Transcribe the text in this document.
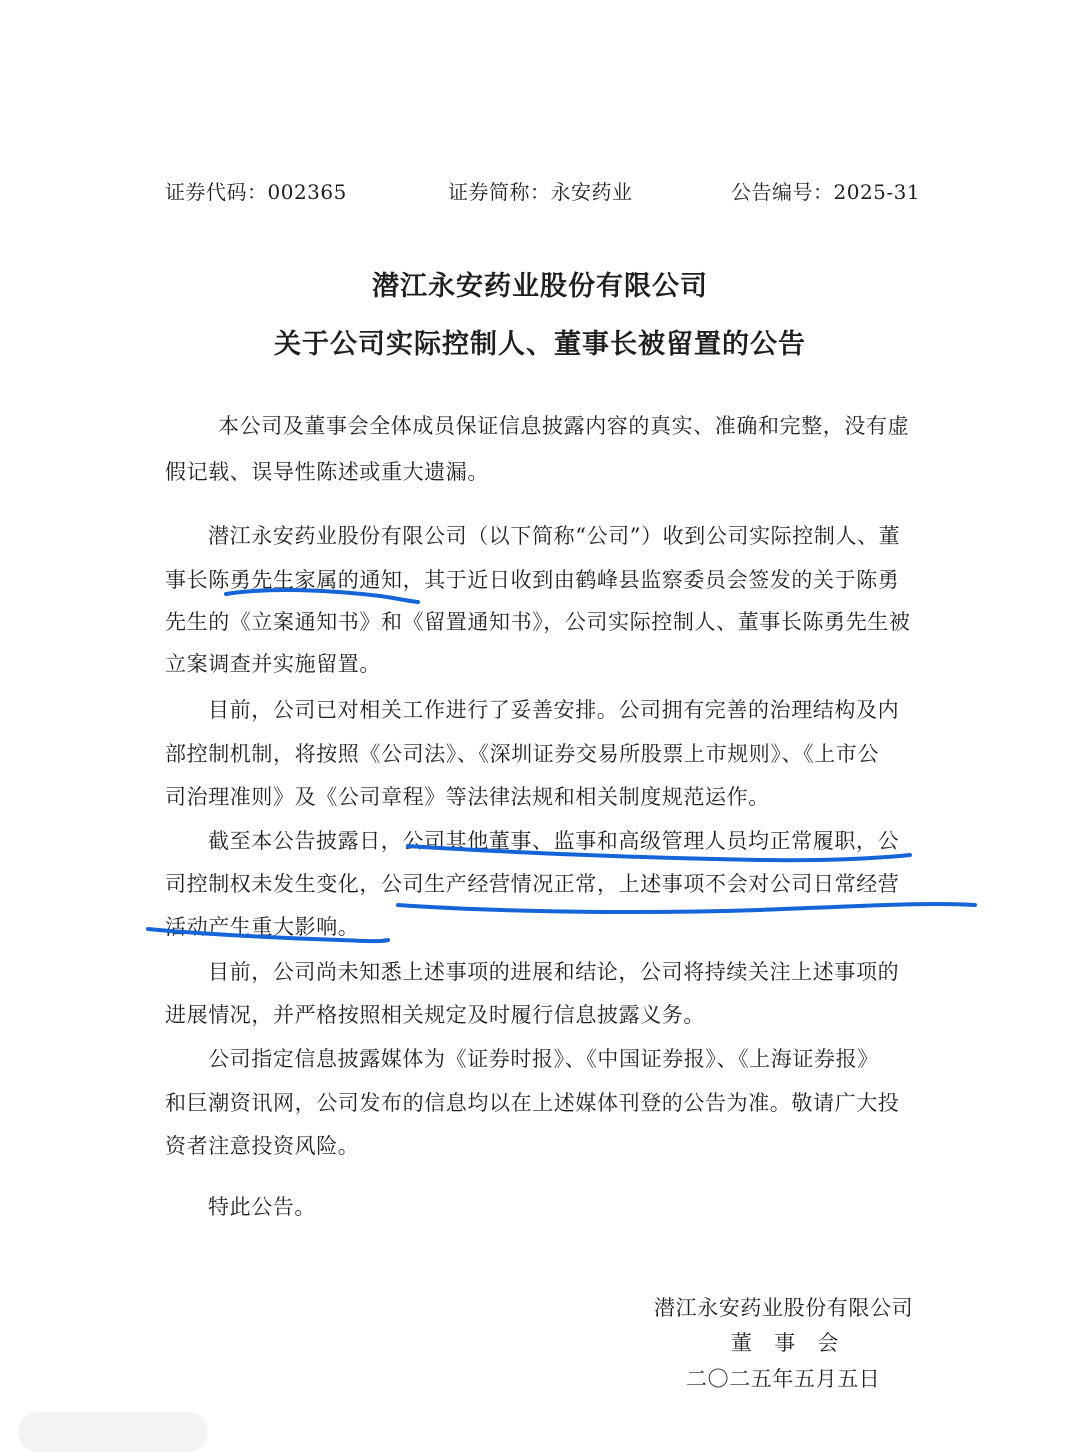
证券代码：002365	证券简称：永安药业	公告编号：2025-31
潜江永安药业股份有限公司
关于公司实际控制人、董事长被留置的公告
本公司及董事会全体成员保证信息披露内容的真实、准确和完整，没有虚
假记载、误导性陈述或重大遗漏。
潜江永安药业股份有限公司（以下简称“公司”）收到公司实际控制人、董
事长陈勇先生家属的通知，其于近日收到由鹤峰县监察委员会签发的关于陈勇
先生的《立案通知书》和《留置通知书》，公司实际控制人、董事长陈勇先生被
立案调查并实施留置。
目前，公司已对相关工作进行了妥善安排。公司拥有完善的治理结构及内
部控制机制，将按照《公司法》、《深圳证券交易所股票上市规则》、《上市公
司治理准则》及《公司章程》等法律法规和相关制度规范运作。
截至本公告披露日，公司其他董事、监事和高级管理人员均正常履职，公
司控制权未发生变化，公司生产经营情况正常，上述事项不会对公司日常经营
活动产生重大影响。
目前，公司尚未知悉上述事项的进展和结论，公司将持续关注上述事项的
进展情况，并严格按照相关规定及时履行信息披露义务。
公司指定信息披露媒体为《证券时报》、《中国证券报》、《上海证券报》
和巨潮资讯网，公司发布的信息均以在上述媒体刊登的公告为准。敬请广大投
资者注意投资风险。
特此公告。
潜江永安药业股份有限公司
董　事　会
二〇二五年五月五日
